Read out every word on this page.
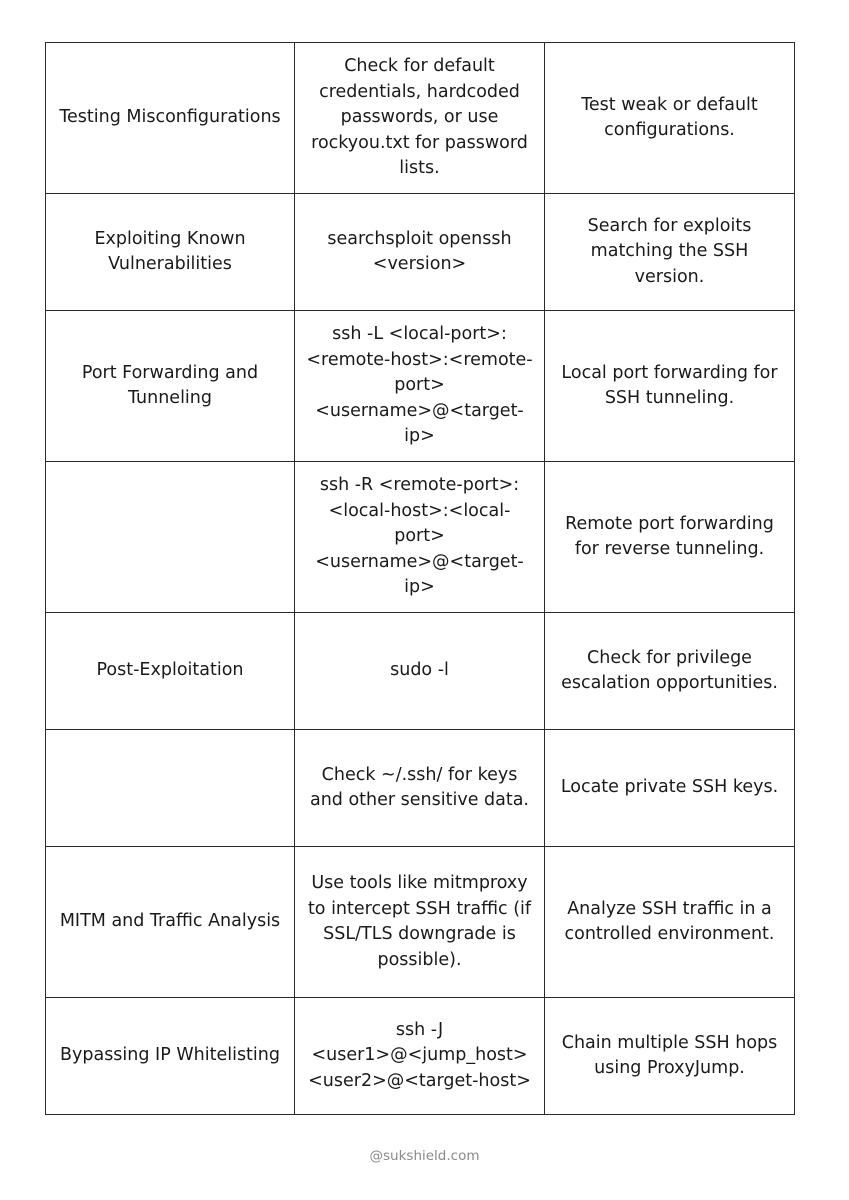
Testing Misconfigurations	Check for default credentials, hardcoded passwords, or use rockyou.txt for password lists.	Test weak or default configurations.
Exploiting Known Vulnerabilities	searchsploit openssh <version>	Search for exploits matching the SSH version.
Port Forwarding and Tunneling	ssh -L <local-port>:<remote-host>:<remote-port> <username>@<target-ip>	Local port forwarding for SSH tunneling.
	ssh -R <remote-port>:<local-host>:<local-port> <username>@<target-ip>	Remote port forwarding for reverse tunneling.
Post-Exploitation	sudo -l	Check for privilege escalation opportunities.
	Check ~/.ssh/ for keys and other sensitive data.	Locate private SSH keys.
MITM and Traffic Analysis	Use tools like mitmproxy to intercept SSH traffic (if SSL/TLS downgrade is possible).	Analyze SSH traffic in a controlled environment.
Bypassing IP Whitelisting	ssh -J <user1>@<jump_host> <user2>@<target-host>	Chain multiple SSH hops using ProxyJump.
@sukshield.com
